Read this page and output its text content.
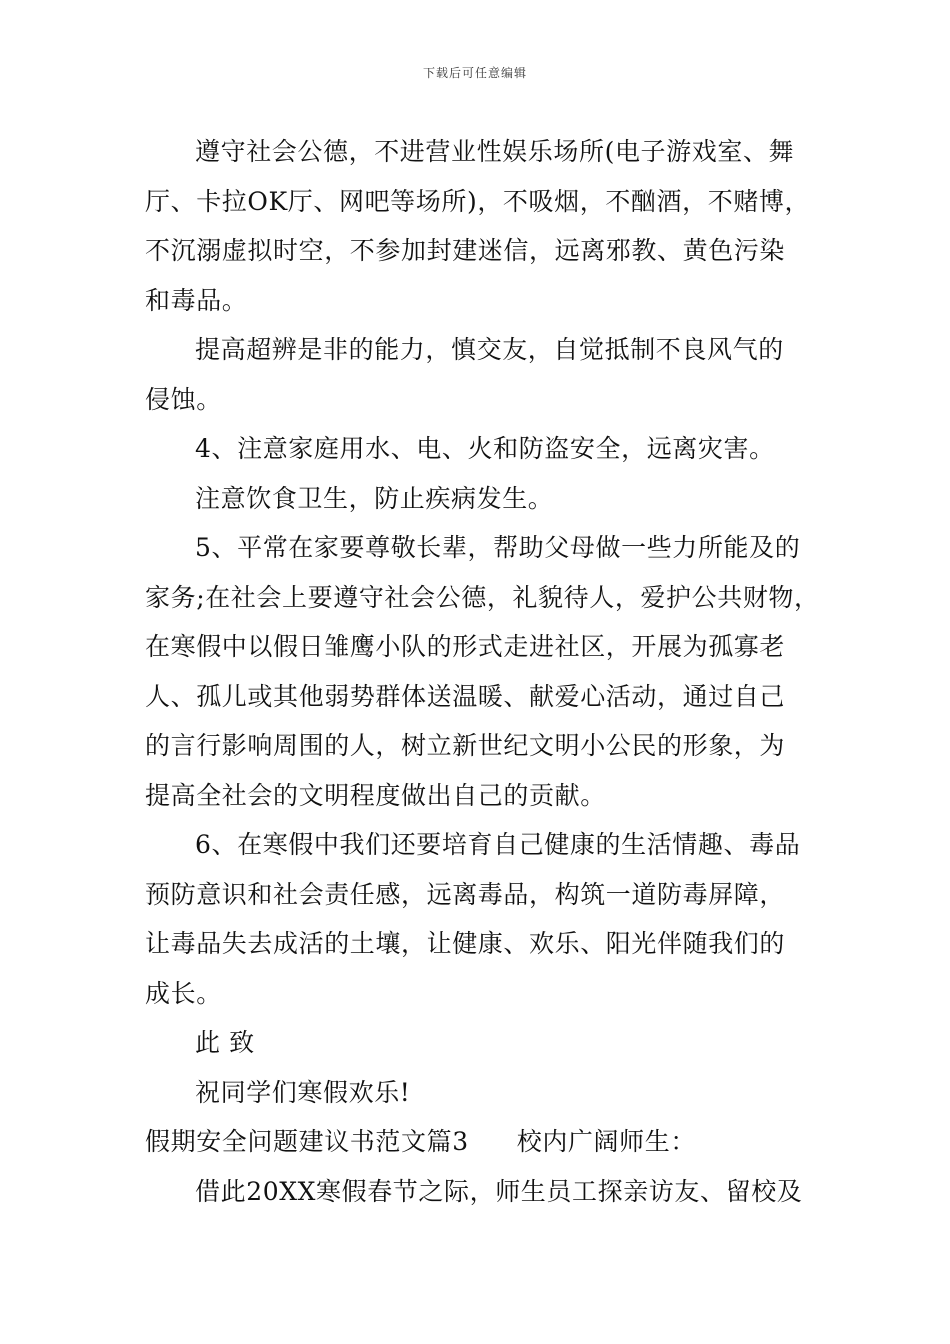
下载后可任意编辑
遵守社会公德，不进营业性娱乐场所(电子游戏室、舞
厅、卡拉OK厅、网吧等场所)，不吸烟，不酗酒，不赌博，
不沉溺虚拟时空，不参加封建迷信，远离邪教、黄色污染
和毒品。
提高超辨是非的能力，慎交友，自觉抵制不良风气的
侵蚀。
4、注意家庭用水、电、火和防盗安全，远离灾害。
注意饮食卫生，防止疾病发生。
5、平常在家要尊敬长辈，帮助父母做一些力所能及的
家务;在社会上要遵守社会公德，礼貌待人，爱护公共财物，
在寒假中以假日雏鹰小队的形式走进社区，开展为孤寡老
人、孤儿或其他弱势群体送温暖、献爱心活动，通过自己
的言行影响周围的人，树立新世纪文明小公民的形象，为
提高全社会的文明程度做出自己的贡献。
6、在寒假中我们还要培育自己健康的生活情趣、毒品
预防意识和社会责任感，远离毒品，构筑一道防毒屏障，
让毒品失去成活的土壤，让健康、欢乐、阳光伴随我们的
成长。
此 致
祝同学们寒假欢乐!
假期安全问题建议书范文篇3 校内广阔师生：
借此20XX寒假春节之际，师生员工探亲访友、留校及
